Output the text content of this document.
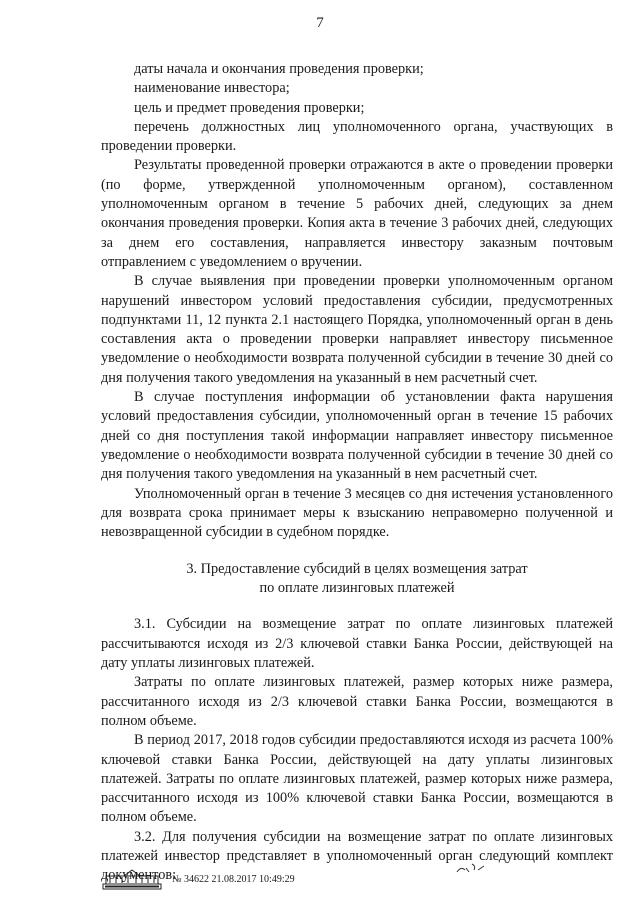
7

даты начала и окончания проведения проверки;

наименование инвестора;

цель и предмет проведения проверки;

перечень должностных лиц уполномоченного органа, участвующих в проведении проверки.

Результаты проведенной проверки отражаются в акте о проведении проверки (по форме, утвержденной уполномоченным органом), составленном уполномоченным органом в течение 5 рабочих дней, следующих за днем окончания проведения проверки. Копия акта в течение 3 рабочих дней, следующих за днем его составления, направляется инвестору заказным почтовым отправлением с уведомлением о вручении.

В случае выявления при проведении проверки уполномоченным органом нарушений инвестором условий предоставления субсидии, предусмотренных подпунктами 11, 12 пункта 2.1 настоящего Порядка, уполномоченный орган в день составления акта о проведении проверки направляет инвестору письменное уведомление о необходимости возврата полученной субсидии в течение 30 дней со дня получения такого уведомления на указанный в нем расчетный счет.

В случае поступления информации об установлении факта нарушения условий предоставления субсидии, уполномоченный орган в течение 15 рабочих дней со дня поступления такой информации направляет инвестору письменное уведомление о необходимости возврата полученной субсидии в течение 30 дней со дня получения такого уведомления на указанный в нем расчетный счет.

Уполномоченный орган в течение 3 месяцев со дня истечения установленного для возврата срока принимает меры к взысканию неправомерно полученной и невозвращенной субсидии в судебном порядке.

3. Предоставление субсидий в целях возмещения затрат
по оплате лизинговых платежей

3.1. Субсидии на возмещение затрат по оплате лизинговых платежей рассчитываются исходя из 2/3 ключевой ставки Банка России, действующей на дату уплаты лизинговых платежей.

Затраты по оплате лизинговых платежей, размер которых ниже размера, рассчитанного исходя из 2/3 ключевой ставки Банка России, возмещаются в полном объеме.

В период 2017, 2018 годов субсидии предоставляются исходя из расчета 100% ключевой ставки Банка России, действующей на дату уплаты лизинговых платежей. Затраты по оплате лизинговых платежей, размер которых ниже размера, рассчитанного исходя из 100% ключевой ставки Банка России, возмещаются в полном объеме.

3.2. Для получения субсидии на возмещение затрат по оплате лизинговых платежей инвестор представляет в уполномоченный орган следующий комплект документов:

№ 34622 21.08.2017 10:49:29
